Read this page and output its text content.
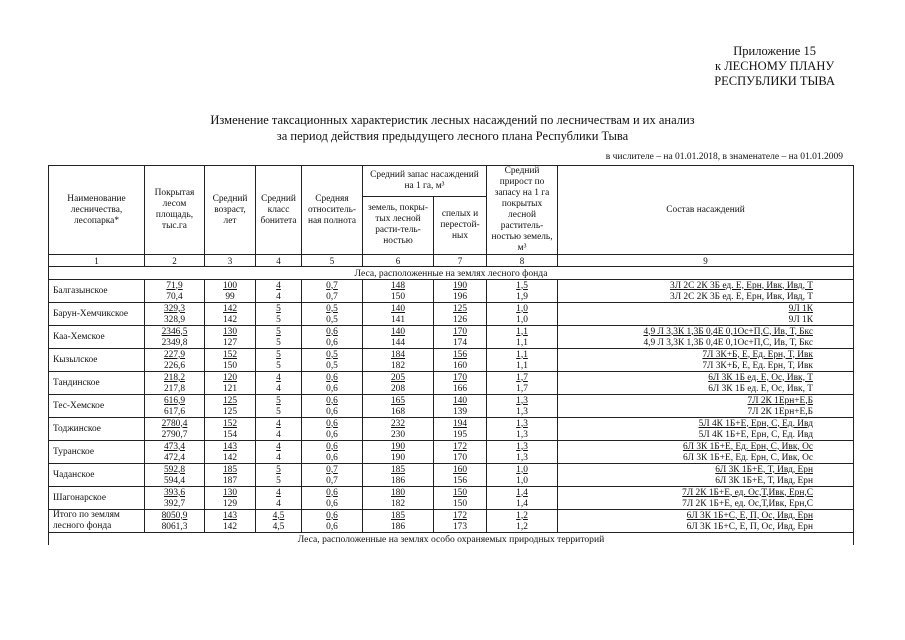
Приложение 15
к ЛЕСНОМУ ПЛАНУ
РЕСПУБЛИКИ ТЫВА
Изменение таксационных характеристик лесных насаждений по лесничествам и их анализ
за период действия предыдущего лесного плана Республики Тыва
в числителе – на 01.01.2018, в знаменателе – на 01.01.2009
Наименование лесничества, лесопарка*	Покрытая лесом площадь, тыс.га	Средний возраст, лет	Средний класс бонитета	Средняя относитель-ная полнота	Средний запас насаждений на 1 га, м³		Средний прирост по запасу на 1 га покрытых лесной раститель-ностью земель, м³	Состав насаждений
					земель, покры-тых лесной расти-тель-ностью	спелых и перестой-ных		
1	2	3	4	5	6	7	8	9
Леса, расположенные на землях лесного фонда								

Балгазынское	71,9	100	4	0,7	148	190	1,5	3Л 2С 2К 3Б ед. Е, Ерн, Ивк, Ивд, Т
	70,4	99	4	0,7	150	196	1,9	3Л 2С 2К 3Б ед. Е, Ерн, Ивк, Ивд, Т

Барун-Хемчикское	329,3	142	5	0,5	140	125	1,0	9Л 1К
	328,9	142	5	0,5	141	126	1,0	9Л 1К

Каа-Хемское	2346,5	130	5	0,6	140	170	1,1	4,9 Л 3,3К 1,3Б 0,4Е 0,1Ос+П,С, Ив, Т, Бкс
	2349,8	127	5	0,6	144	174	1,1	4,9 Л 3,3К 1,3Б 0,4Е 0,1Ос+П,С, Ив, Т, Бкс

Кызылское	227,9	152	5	0,5	184	156	1,1	7Л 3К+Б, Е, Ед. Ерн, Т, Ивк
	226,6	150	5	0,5	182	160	1,1	7Л 3К+Б, Е, Ед. Ерн, Т, Ивк

Тандинское	218,2	120	4	0,6	205	170	1,7	6Л 3К 1Б ед. Е, Ос, Ивк, Т
	217,8	121	4	0,6	208	166	1,7	6Л 3К 1Б ед. Е, Ос, Ивк, Т

Тес-Хемское	616,9	125	5	0,6	165	140	1,3	7Л 2К 1Ерн+Е,Б
	617,6	125	5	0,6	168	139	1,3	7Л 2К 1Ерн+Е,Б

Тоджинское	2780,4	152	4	0,6	232	194	1,3	5Л 4К 1Б+Е, Ерн, С, Ед. Ивд
	2790,7	154	4	0,6	230	195	1,3	5Л 4К 1Б+Е, Ерн, С, Ед. Ивд

Туранское	473,4	143	4	0,6	190	172	1,3	6Л 3К 1Б+Е, Ед. Ерн, С, Ивк, Ос
	472,4	142	4	0,6	190	170	1,3	6Л 3К 1Б+Е, Ед. Ерн, С, Ивк, Ос

Чаданское	592,8	185	5	0,7	185	160	1,0	6Л 3К 1Б+Е, Т, Ивд, Ерн
	594,4	187	5	0,7	186	156	1,0	6Л 3К 1Б+Е, Т, Ивд, Ерн

Шагонарское	393,6	130	4	0,6	180	150	1,4	7Л 2К 1Б+Е, ед. Ос,Т,Ивк, Ерн,С
	392,7	129	4	0,6	182	150	1,4	7Л 2К 1Б+Е, ед. Ос,Т,Ивк, Ерн,С

Итого по землям
лесного фонда	8050,9	143	4,5	0,6	185	172	1,2	6Л 3К 1Б+С, Е, П, Ос, Ивд, Ерн
	8061,3	142	4,5	0,6	186	173	1,2	6Л 3К 1Б+С, Е, П, Ос, Ивд, Ерн
Леса, расположенные на землях особо охраняемых природных территорий								
